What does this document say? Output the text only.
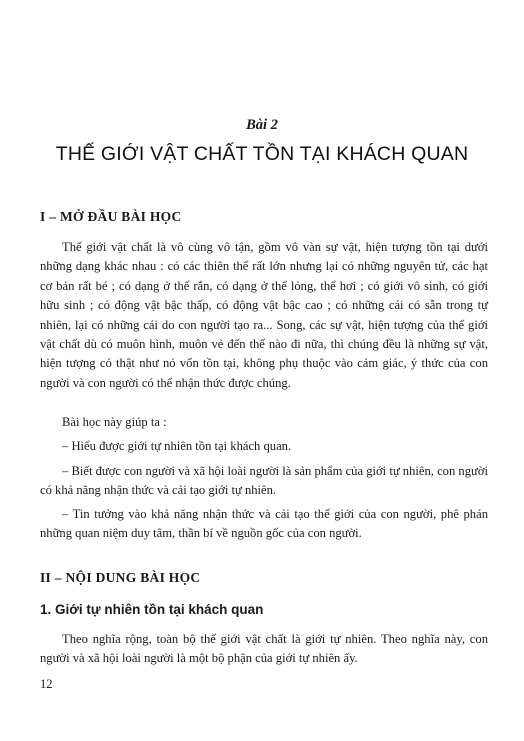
Bài 2
THẾ GIỚI VẬT CHẤT TỒN TẠI KHÁCH QUAN
I – MỞ ĐẦU BÀI HỌC

Thế giới vật chất là vô cùng vô tận, gồm vô vàn sự vật, hiện tượng tồn tại dưới những dạng khác nhau : có các thiên thể rất lớn nhưng lại có những nguyên tử, các hạt cơ bản rất bé ; có dạng ở thể rắn, có dạng ở thể lỏng, thể hơi ; có giới vô sinh, có giới hữu sinh ; có động vật bậc thấp, có động vật bậc cao ; có những cái có sẵn trong tự nhiên, lại có những cái do con người tạo ra... Song, các sự vật, hiện tượng của thế giới vật chất dù có muôn hình, muôn vẻ đến thế nào đi nữa, thì chúng đều là những sự vật, hiện tượng có thật như nó vốn tồn tại, không phụ thuộc vào cảm giác, ý thức của con người và con người có thể nhận thức được chúng.

Bài học này giúp ta :

– Hiểu được giới tự nhiên tồn tại khách quan.

– Biết được con người và xã hội loài người là sản phẩm của giới tự nhiên, con người có khả năng nhận thức và cải tạo giới tự nhiên.

– Tin tưởng vào khả năng nhận thức và cải tạo thế giới của con người, phê phán những quan niệm duy tâm, thần bí về nguồn gốc của con người.

II – NỘI DUNG BÀI HỌC
1. Giới tự nhiên tồn tại khách quan

Theo nghĩa rộng, toàn bộ thế giới vật chất là giới tự nhiên. Theo nghĩa này, con người và xã hội loài người là một bộ phận của giới tự nhiên ấy.

12
